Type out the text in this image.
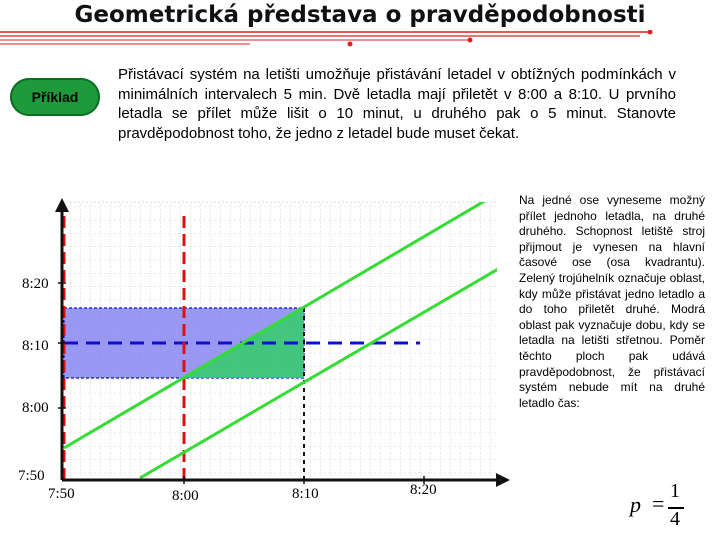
Geometrická představa o pravděpodobnosti
Příklad
Přistávací systém na letišti umožňuje přistávání letadel v obtížných podmínkách v minimálních intervalech 5 min. Dvě letadla mají přiletět v 8:00 a 8:10. U prvního letadla se přílet může lišit o 10 minut, u druhého pak o 5 minut. Stanovte pravděpodobnost toho, že jedno z letadel bude muset čekat.
7:50	8:00	8:10	8:20
8:20
8:10
8:00
7:50
Na jedné ose vyneseme možný přílet jednoho letadla, na druhé druhého. Schopnost letiště stroj přijmout je vynesen na hlavní časové ose (osa kvadrantu). Zelený trojúhelník označuje oblast, kdy může přistávat jedno letadlo a do toho přiletět druhé. Modrá oblast pak vyznačuje dobu, kdy se letadla na letišti střetnou. Poměr těchto ploch pak udává pravděpodobnost, že přistávací systém nebude mít na druhé letadlo čas:
p = 1
4
